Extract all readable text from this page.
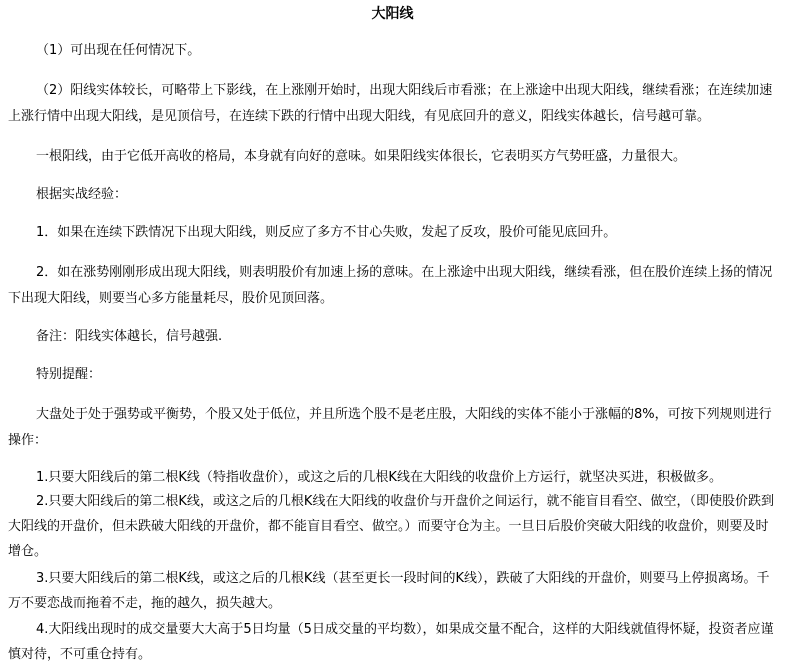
大阳线

（1）可出现在任何情况下。

（2）阳线实体较长，可略带上下影线，在上涨刚开始时，出现大阳线后市看涨；在上涨途中出现大阳线，继续看涨；在连续加速上涨行情中出现大阳线，是见顶信号，在连续下跌的行情中出现大阳线，有见底回升的意义，阳线实体越长，信号越可靠。

一根阳线，由于它低开高收的格局，本身就有向好的意味。如果阳线实体很长，它表明买方气势旺盛，力量很大。

根据实战经验：

1．如果在连续下跌情况下出现大阳线，则反应了多方不甘心失败，发起了反攻，股价可能见底回升。

2．如在涨势刚刚形成出现大阳线，则表明股价有加速上扬的意味。在上涨途中出现大阳线，继续看涨，但在股价连续上扬的情况下出现大阳线，则要当心多方能量耗尽，股价见顶回落。

备注：阳线实体越长，信号越强.

特别提醒：

大盘处于处于强势或平衡势，个股又处于低位，并且所选个股不是老庄股，大阳线的实体不能小于涨幅的8%，可按下列规则进行操作：

1.只要大阳线后的第二根K线（特指收盘价），或这之后的几根K线在大阳线的收盘价上方运行，就坚决买进，积极做多。

2.只要大阳线后的第二根K线，或这之后的几根K线在大阳线的收盘价与开盘价之间运行，就不能盲目看空、做空，（即使股价跌到大阳线的开盘价，但未跌破大阳线的开盘价，都不能盲目看空、做空。）而要守仓为主。一旦日后股价突破大阳线的收盘价，则要及时增仓。

3.只要大阳线后的第二根K线，或这之后的几根K线（甚至更长一段时间的K线），跌破了大阳线的开盘价，则要马上停损离场。千万不要恋战而拖着不走，拖的越久，损失越大。

4.大阳线出现时的成交量要大大高于5日均量（5日成交量的平均数），如果成交量不配合，这样的大阳线就值得怀疑，投资者应谨慎对待，不可重仓持有。
